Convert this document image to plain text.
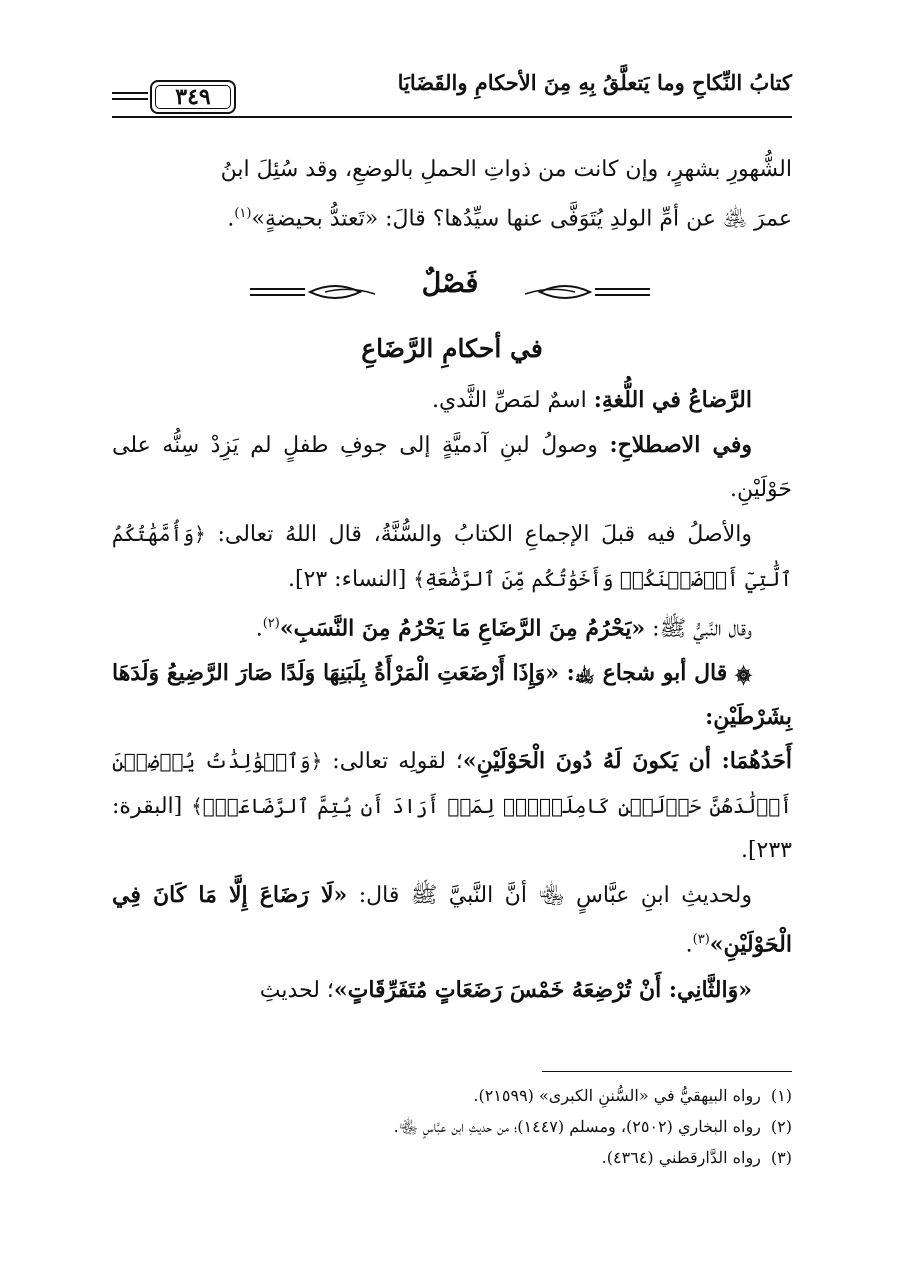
كتابُ النِّكاحِ وما يَتعلَّقُ بِهِ مِنَ الأحكامِ والقَضَايَا
٣٤٩

الشُّهورِ بشهرٍ، وإن كانت من ذواتِ الحملِ بالوضعِ، وقد سُئِلَ ابنُ

عمرَ ﵁ عن أمِّ الولدِ يُتَوَفَّى عنها سيِّدُها؟ قالَ: «تَعتدُّ بحيضةٍ»$^{(١)}$.

فَصْلٌ
في أحكامِ الرَّضَاعِ

الرَّضاعُ في اللُّغةِ: اسمٌ لمَصِّ الثَّدي.

وفي الاصطلاحِ: وصولُ لبنِ آدميَّةٍ إلى جوفِ طفلٍ لم يَزِدْ سِنُّه على حَوْلَيْنِ.

والأصلُ فيه قبلَ الإجماعِ الكتابُ والسُّنَّةُ، قال اللهُ تعالى: ﴿وَأُمَّهَٰتُكُمُ ٱلَّٰتِيٓ أَرۡضَعۡنَكُمۡ وَأَخَوَٰتُكُم مِّنَ ٱلرَّضَٰعَةِ﴾ [النساء: ٢٣].

وقال النَّبيُّ ﷺ: «يَحْرُمُ مِنَ الرَّضَاعِ مَا يَحْرُمُ مِنَ النَّسَبِ»$^{(٢)}$.

۞ قال أبو شجاع ﵀: «وَإِذَا أَرْضَعَتِ الْمَرْأَةُ بِلَبَنِهَا وَلَدًا صَارَ الرَّضِيعُ وَلَدَهَا بِشَرْطَيْنِ:

أَحَدُهُمَا: أن يَكونَ لَهُ دُونَ الْحَوْلَيْنِ»؛ لقولِه تعالى: ﴿وَٱلۡوَٰلِدَٰتُ يُرۡضِعۡنَ أَوۡلَٰدَهُنَّ حَوۡلَيۡنِ كَامِلَيۡنِۖ لِمَنۡ أَرَادَ أَن يُتِمَّ ٱلرَّضَاعَةَۚ﴾ [البقرة: ٢٣٣].

ولحديثِ ابنِ عبَّاسٍ ﵄ أنَّ النَّبيَّ ﷺ قال: «لَا رَضَاعَ إِلَّا مَا كَانَ فِي الْحَوْلَيْنِ»$^{(٣)}$.

«وَالثَّانِي: أَنْ تُرْضِعَهُ خَمْسَ رَضَعَاتٍ مُتَفَرِّقَاتٍ»؛ لحديثِ

(١)رواه البيهقيُّ في «السُّننِ الكبرى» (٢١٥٩٩).

(٢)رواه البخاري (٢٥٠٢)، ومسلم (١٤٤٧)؛ من حديثِ ابن عبَّاسٍ ﵄.

(٣)رواه الدَّارقطني (٤٣٦٤).
